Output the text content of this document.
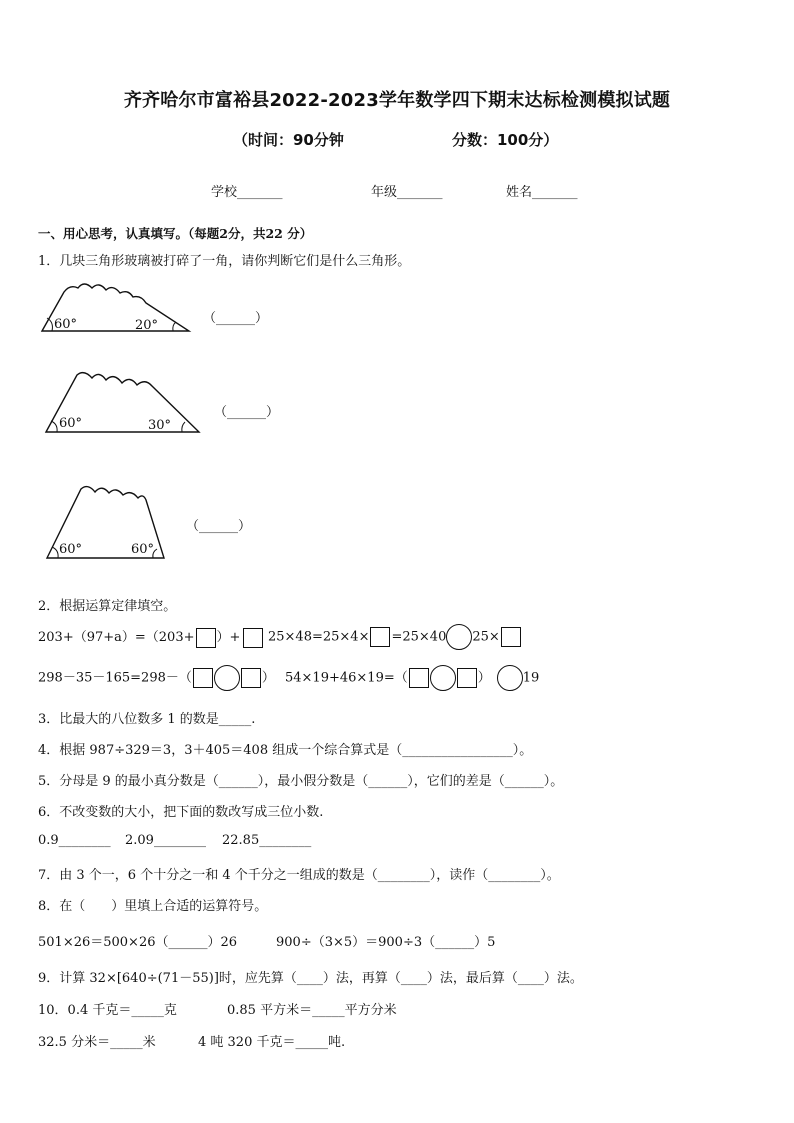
齐齐哈尔市富裕县2022-2023学年数学四下期末达标检测模拟试题
（时间：90分钟	分数：100分）
学校_______	年级_______	姓名_______
一、用心思考，认真填写。（每题2分，共22 分）
1．几块三角形玻璃被打碎了一角，请你判断它们是什么三角形。
60°	20°
60°	30°
60°	60°
（______）
（______）
（______）
2．根据运算定律填空。
203+（97+a）=（203+ ）+	25×48=25×4× =25×40 25×
298－35－165=298－（	） 54×19+46×19=（	） 19
3．比最大的八位数多 1 的数是_____.
4．根据 987÷329＝3，3＋405＝408 组成一个综合算式是（_________________）。
5．分母是 9 的最小真分数是（______），最小假分数是（______），它们的差是（______）。
6．不改变数的大小，把下面的数改写成三位小数.
0.9________ 2.09________ 22.85________
7．由 3 个一，6 个十分之一和 4 个千分之一组成的数是（________），读作（________）。
8．在（　　）里填上合适的运算符号。
501×26＝500×26（______）26	900÷（3×5）＝900÷3（______）5
9．计算 32×[640÷(71－55)]时，应先算（____）法，再算（____）法，最后算（____）法。
10．0.4 千克＝_____克	0.85 平方米＝_____平方分米
32.5 分米＝_____米	4 吨 320 千克＝_____吨.
